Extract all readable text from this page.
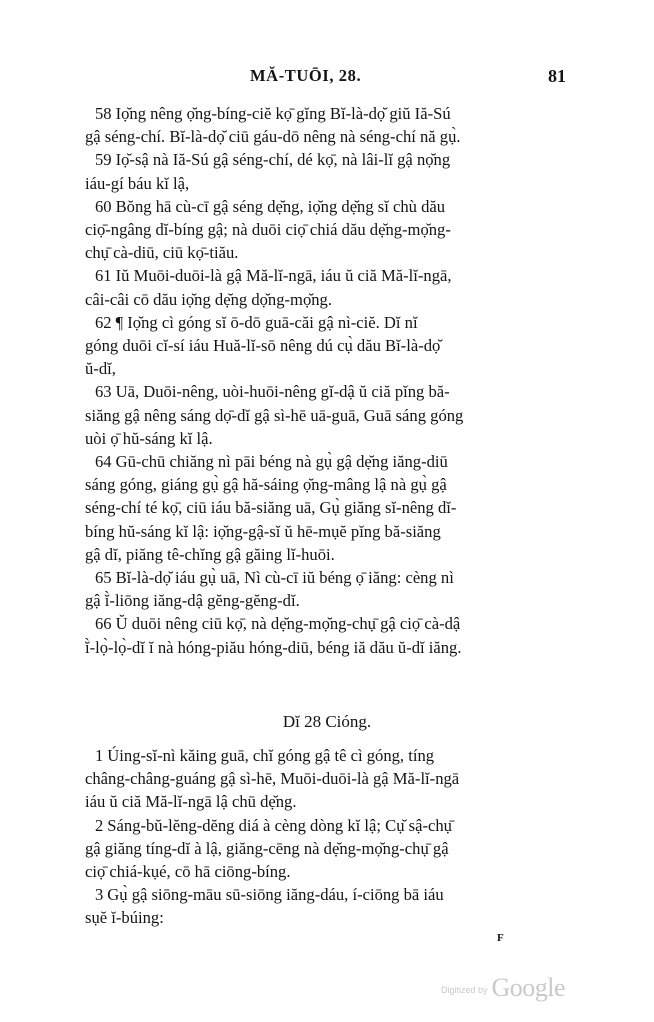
MĂ-TUŌI, 28.	81

58 Iọ̆ng nêng ọ̆ng-bíng-ciĕ kọ̄ gĭng Bĭ-là-dọ̆ giŭ Iă-Sú
gậ séng-chí. Bĭ-là-dọ̆ ciū gáu-dō nêng nà séng-chí nă gụ̀.

59 Iọ̆-sậ nà Iă-Sú gậ séng-chí, dé kọ̄, nà lâi-lĭ gậ nọ̆ng
iáu-gí báu kĭ lậ,

60 Bŏng hā cù-cī gậ séng dẹ̆ng, iọ̆ng dẹ̆ng sĭ chù dău
ciọ̄-ngâng dĭ-bíng gậ; nà duōi ciọ̄ chiá dău dẹ̆ng-mọ̆ng-
chụ̄ cà-diū, ciū kọ̄-tiău.

61 Iŭ Muōi-duōi-là gậ Mă-lĭ-ngā, iáu ŭ ciă Mă-lĭ-ngā,
câi-câi cō dău iọ̆ng dẹ̆ng dọ̆ng-mọ̆ng.

62 ¶ Iọ̆ng cì góng sĭ ō-dō guā-căi gậ nì-ciĕ. Dĭ nĭ
góng duōi cĭ-sí iáu Huă-lĭ-sō nêng dú cụ̀ dău Bĭ-là-dọ̆
ŭ-dĭ,

63 Uā, Duōi-nêng, uòi-huōi-nêng gĭ-dậ ŭ ciă pĭng bă-
siăng gậ nêng sáng dọ̄-dĭ gậ sì-hē uā-guā, Guā sáng góng
uòi ọ̄ hŭ-sáng kĭ lậ.

64 Gū-chū chiăng nì pāi béng nà gụ̀ gậ dẹ̆ng iăng-diū
sáng góng, giáng gụ̀ gậ hă-sáing ọ̆ng-mâng lậ nà gụ̀ gậ
séng-chí té kọ̄, ciū iáu bă-siăng uā, Gụ̀ giăng sĭ-nêng dĭ-
bíng hŭ-sáng kĭ lậ: iọ̆ng-gậ-sĭ ŭ hē-mụĕ pĭng bă-siăng
gậ dĭ, piăng tê-chĭng gậ găing lĭ-huōi.

65 Bĭ-là-dọ̆ iáu gụ̀ uā, Nì cù-cī iŭ béng ọ̄ iăng: cèng nì
gậ ĭ̀-liōng iăng-dậ gĕng-gĕng-dĭ.

66 Ŭ duōi nêng ciū kọ̄, nà dẹ̆ng-mọ̆ng-chụ̄ gậ ciọ̄ cà-dậ
ĭ̀-lọ̀-lọ̀-dĭ ĭ nà hóng-piău hóng-diū, béng iă dău ŭ-dĭ iăng.

Dĭ 28 Cióng.

1 Úing-sĭ-nì kăing guā, chĭ góng gậ tê cì góng, tíng
châng-châng-guáng gậ sì-hē, Muōi-duōi-là gậ Mă-lĭ-ngā
iáu ŭ ciă Mă-lĭ-ngā lậ chū dẹ̆ng.

2 Sáng-bŭ-lĕng-dĕng diá à cèng dòng kĭ lậ; Cụ̆ sậ-chụ̄
gậ giăng tíng-dĭ à lậ, giăng-cēng nà dẹ̆ng-mọ̆ng-chụ̄ gậ
ciọ̄ chiá-kụé, cō hā ciōng-bíng.

3 Gụ̀ gậ siōng-māu sū-siōng iăng-dáu, í-ciōng bā iáu
sụĕ ĭ-búing:

F
Digitized by Google
